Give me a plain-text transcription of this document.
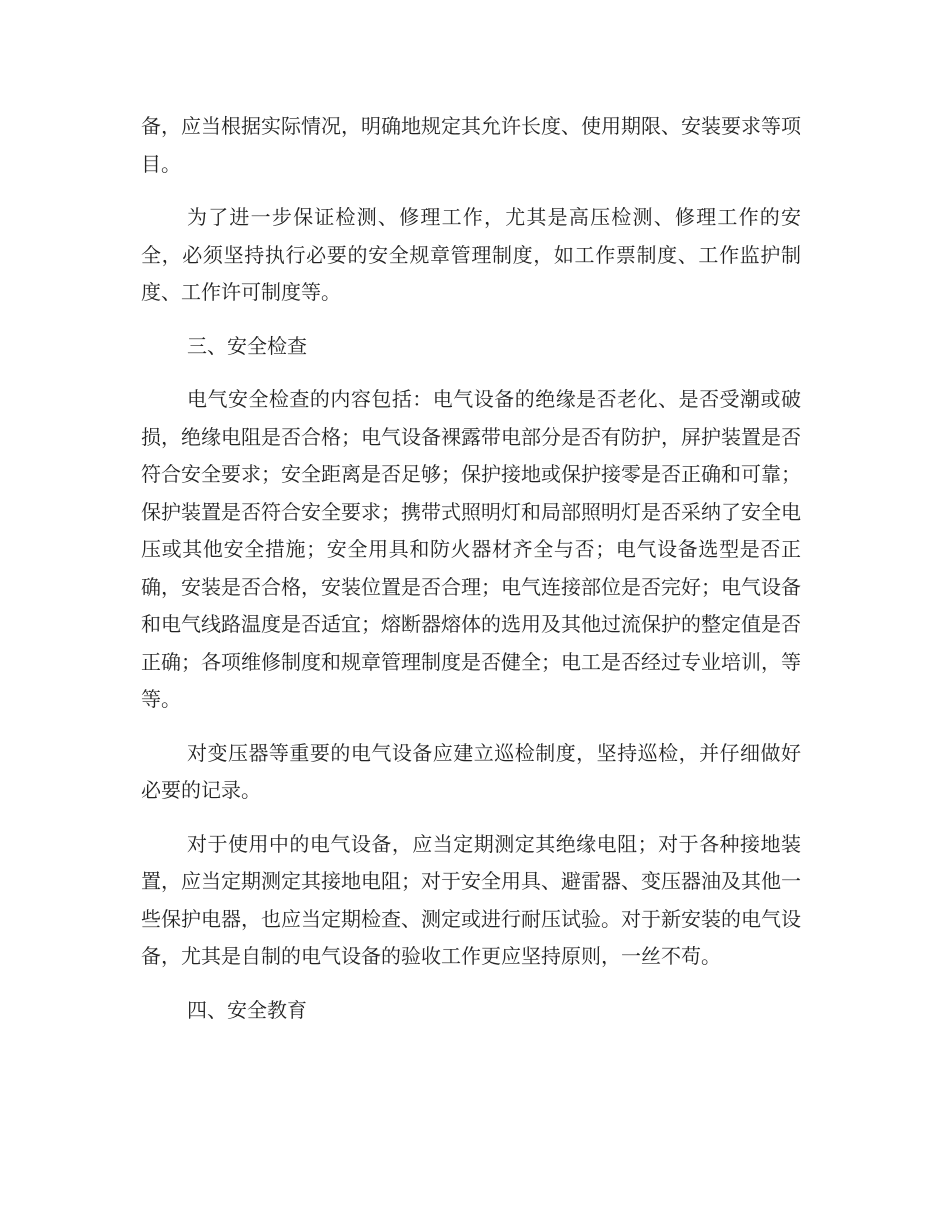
备，应当根据实际情况，明确地规定其允许长度、使用期限、安装要求等项目。

为了进一步保证检测、修理工作，尤其是高压检测、修理工作的安全，必须坚持执行必要的安全规章管理制度，如工作票制度、工作监护制度、工作许可制度等。

三、安全检查

电气安全检查的内容包括：电气设备的绝缘是否老化、是否受潮或破损，绝缘电阻是否合格；电气设备裸露带电部分是否有防护，屏护装置是否符合安全要求；安全距离是否足够；保护接地或保护接零是否正确和可靠；保护装置是否符合安全要求；携带式照明灯和局部照明灯是否采纳了安全电压或其他安全措施；安全用具和防火器材齐全与否；电气设备选型是否正确，安装是否合格，安装位置是否合理；电气连接部位是否完好；电气设备和电气线路温度是否适宜；熔断器熔体的选用及其他过流保护的整定值是否正确；各项维修制度和规章管理制度是否健全；电工是否经过专业培训，等等。

对变压器等重要的电气设备应建立巡检制度，坚持巡检，并仔细做好必要的记录。

对于使用中的电气设备，应当定期测定其绝缘电阻；对于各种接地装置，应当定期测定其接地电阻；对于安全用具、避雷器、变压器油及其他一些保护电器，也应当定期检查、测定或进行耐压试验。对于新安装的电气设备，尤其是自制的电气设备的验收工作更应坚持原则，一丝不苟。

四、安全教育
